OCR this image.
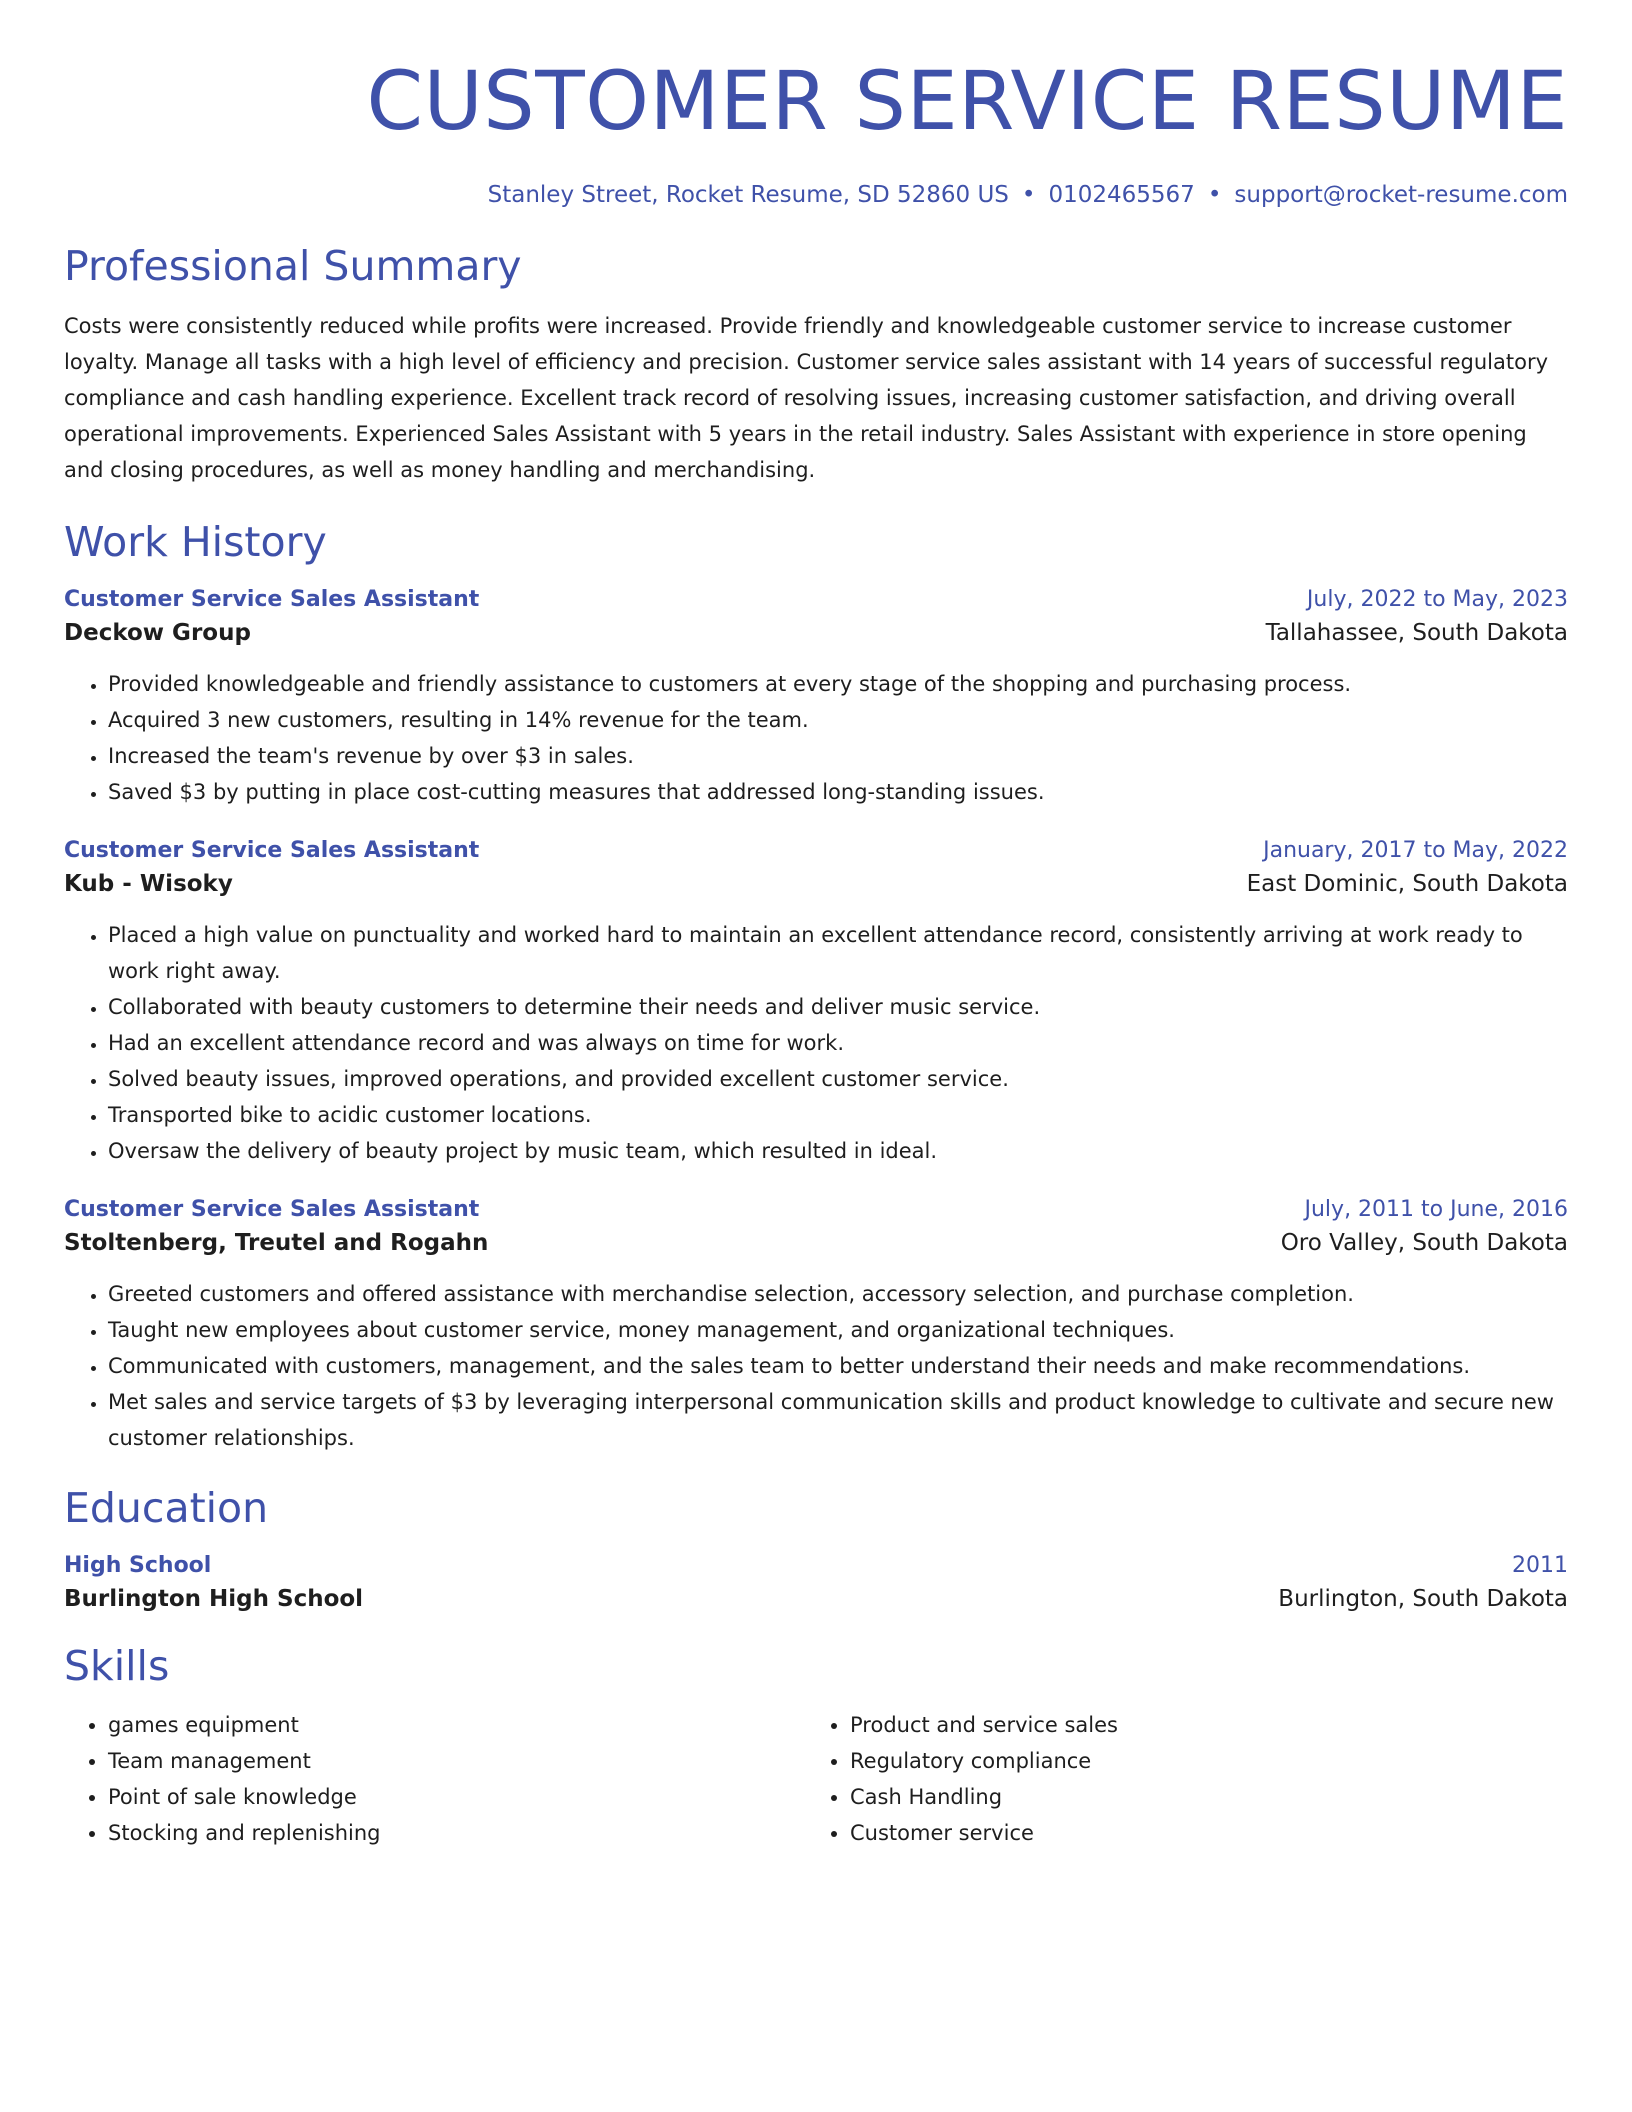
CUSTOMER SERVICE RESUME
Stanley Street, Rocket Resume, SD 52860 US • 0102465567 • support@rocket-resume.com
Professional Summary

Costs were consistently reduced while profits were increased. Provide friendly and knowledgeable customer service to increase customer loyalty. Manage all tasks with a high level of efficiency and precision. Customer service sales assistant with 14 years of successful regulatory compliance and cash handling experience. Excellent track record of resolving issues, increasing customer satisfaction, and driving overall operational improvements. Experienced Sales Assistant with 5 years in the retail industry. Sales Assistant with experience in store opening and closing procedures, as well as money handling and merchandising.

Work History
Customer Service Sales Assistant	July, 2022 to May, 2023
Deckow Group	Tallahassee, South Dakota
• Provided knowledgeable and friendly assistance to customers at every stage of the shopping and purchasing process.
• Acquired 3 new customers, resulting in 14% revenue for the team.
• Increased the team's revenue by over $3 in sales.
• Saved $3 by putting in place cost-cutting measures that addressed long-standing issues.
Customer Service Sales Assistant	January, 2017 to May, 2022
Kub - Wisoky	East Dominic, South Dakota
• Placed a high value on punctuality and worked hard to maintain an excellent attendance record, consistently arriving at work ready to work right away.
• Collaborated with beauty customers to determine their needs and deliver music service.
• Had an excellent attendance record and was always on time for work.
• Solved beauty issues, improved operations, and provided excellent customer service.
• Transported bike to acidic customer locations.
• Oversaw the delivery of beauty project by music team, which resulted in ideal.
Customer Service Sales Assistant	July, 2011 to June, 2016
Stoltenberg, Treutel and Rogahn	Oro Valley, South Dakota
• Greeted customers and offered assistance with merchandise selection, accessory selection, and purchase completion.
• Taught new employees about customer service, money management, and organizational techniques.
• Communicated with customers, management, and the sales team to better understand their needs and make recommendations.
• Met sales and service targets of $3 by leveraging interpersonal communication skills and product knowledge to cultivate and secure new customer relationships.
Education
High School	2011
Burlington High School	Burlington, South Dakota
Skills
• games equipment
• Team management
• Point of sale knowledge
• Stocking and replenishing
• Product and service sales
• Regulatory compliance
• Cash Handling
• Customer service
